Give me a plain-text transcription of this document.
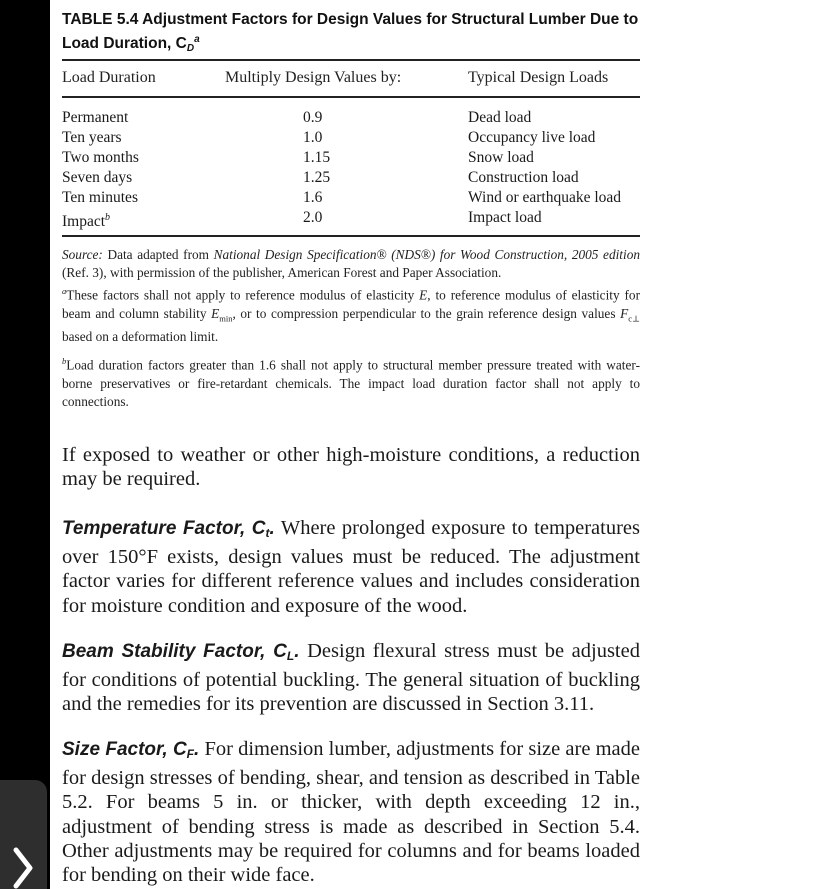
TABLE 5.4 Adjustment Factors for Design Values for Structural Lumber Due to Load Duration, $C_D^a$
Load Duration	Multiply Design Values by:	Typical Design Loads
Permanent
Ten years
Two months
Seven days
Ten minutes
Impact$^b$
0.9
1.0
1.15
1.25
1.6
2.0
Dead load
Occupancy live load
Snow load
Construction load
Wind or earthquake load
Impact load

Source: Data adapted from National Design Specification® (NDS®) for Wood Construction, 2005 edition (Ref. 3), with permission of the publisher, American Forest and Paper Association.

$^a$These factors shall not apply to reference modulus of elasticity E, to reference modulus of elasticity for beam and column stability $E_{min}$, or to compression perpendicular to the grain reference design values $F_{c\perp}$ based on a deformation limit.

$^b$Load duration factors greater than 1.6 shall not apply to structural member pressure treated with water-borne preservatives or fire-retardant chemicals. The impact load duration factor shall not apply to connections.

If exposed to weather or other high-moisture conditions, a reduction may be required.
Temperature Factor, $C_t$. Where prolonged exposure to temperatures over 150°F exists, design values must be reduced. The adjustment factor varies for different reference values and includes consideration for moisture condition and exposure of the wood.
Beam Stability Factor, $C_L$. Design flexural stress must be adjusted for conditions of potential buckling. The general situation of buckling and the remedies for its prevention are discussed in Section 3.11.
Size Factor, $C_F$. For dimension lumber, adjustments for size are made for design stresses of bending, shear, and tension as described in Table 5.2. For beams 5 in. or thicker, with depth exceeding 12 in., adjustment of bending stress is made as described in Section 5.4. Other adjustments may be required for columns and for beams loaded for bending on their wide face.
